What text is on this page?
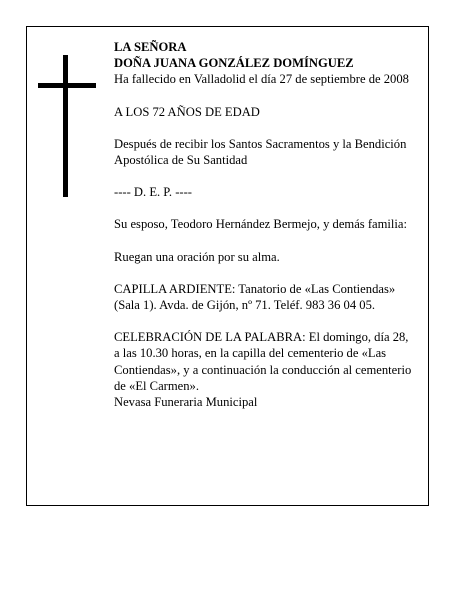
LA SEÑORA

DOÑA JUANA GONZÁLEZ DOMÍNGUEZ

Ha fallecido en Valladolid el día 27 de septiembre de 2008

A LOS 72 AÑOS DE EDAD

Después de recibir los Santos Sacramentos y la Bendición Apostólica de Su Santidad

---- D. E. P. ----

Su esposo, Teodoro Hernández Bermejo, y demás familia:

Ruegan una oración por su alma.

CAPILLA ARDIENTE: Tanatorio de «Las Contiendas» (Sala 1). Avda. de Gijón, nº 71. Teléf. 983 36 04 05.

CELEBRACIÓN DE LA PALABRA: El domingo, día 28, a las 10.30 horas, en la capilla del cementerio de «Las Contiendas», y a continuación la conducción al cementerio de «El Carmen».

Nevasa Funeraria Municipal
